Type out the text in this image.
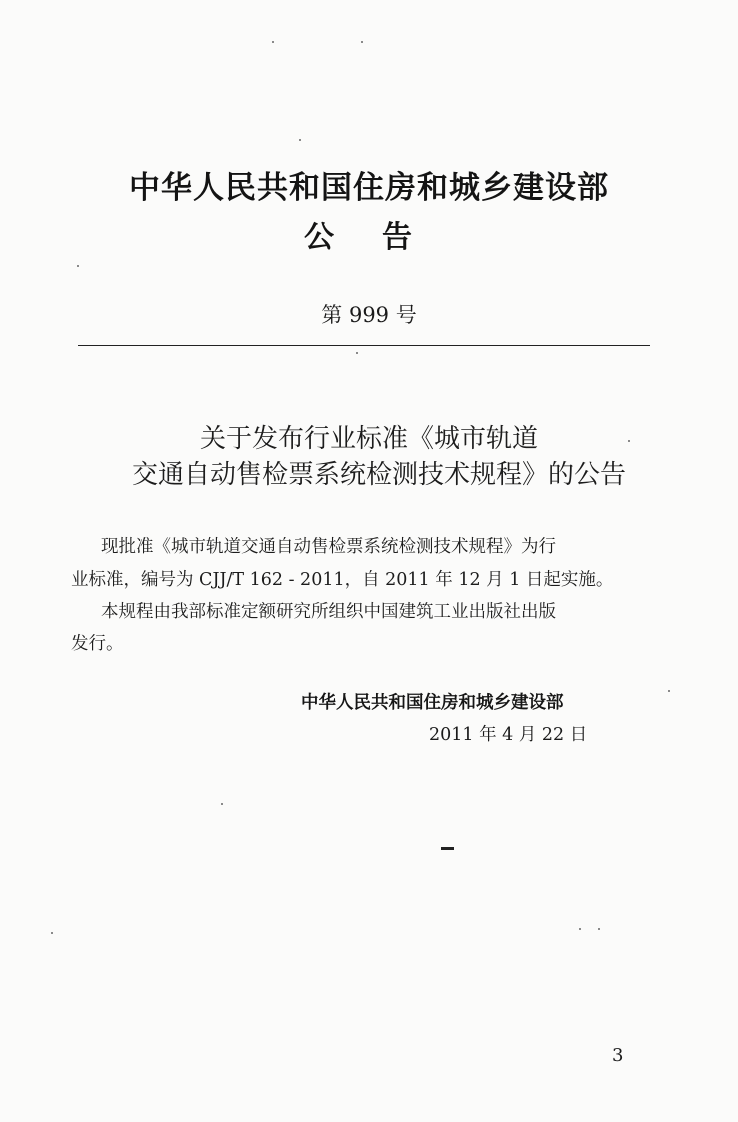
中华人民共和国住房和城乡建设部
公告
第 999 号
关于发布行业标准《城市轨道
交通自动售检票系统检测技术规程》的公告
现批准《城市轨道交通自动售检票系统检测技术规程》为行
业标准，编号为 CJJ/T 162 - 2011，自 2011 年 12 月 1 日起实施。
本规程由我部标准定额研究所组织中国建筑工业出版社出版
发行。
中华人民共和国住房和城乡建设部
2011 年 4 月 22 日
3
